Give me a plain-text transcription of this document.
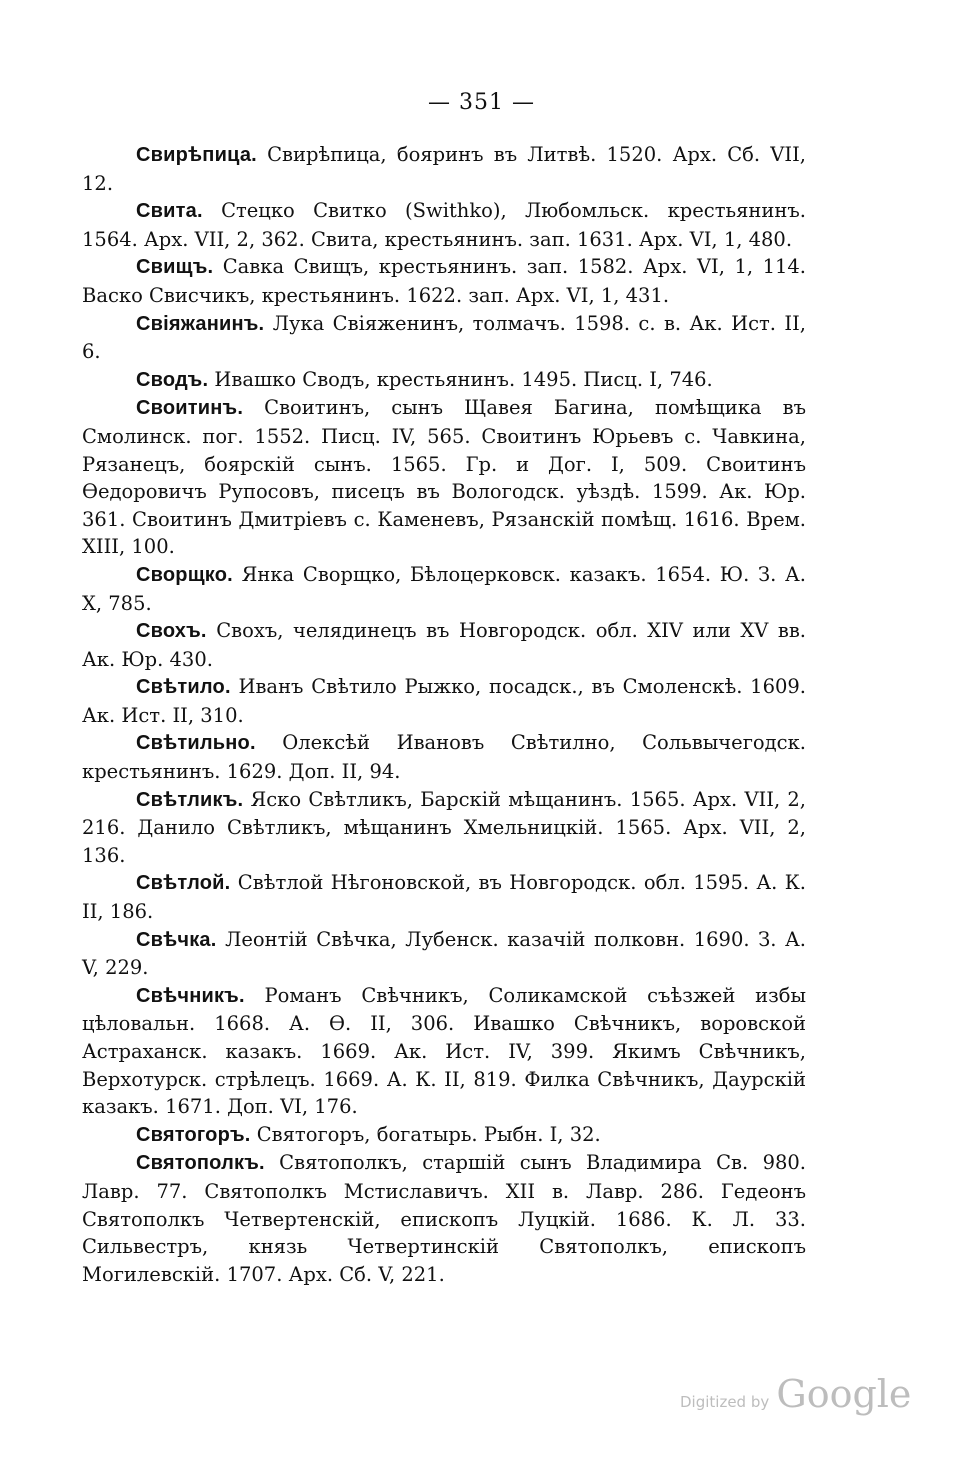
— 351 —

Свирѣпица. Свирѣпица, бояринъ въ Литвѣ. 1520. Арх. Сб. VII, 12.

Свита. Стецко Свитко (Swithko), Любомльск. крестьянинъ. 1564. Арх. VII, 2, 362. Свита, крестьянинъ. зап. 1631. Арх. VI, 1, 480.

Свищъ. Савка Свищъ, крестьянинъ. зап. 1582. Арх. VI, 1, 114. Васко Свисчикъ, крестьянинъ. 1622. зап. Арх. VI, 1, 431.

Свіяжанинъ. Лука Свіяженинъ, толмачъ. 1598. с. в. Ак. Ист. II, 6.

Сводъ. Ивашко Сводъ, крестьянинъ. 1495. Писц. I, 746.

Своитинъ. Своитинъ, сынъ Щавея Багина, помѣщика въ Смолинск. пог. 1552. Писц. IV, 565. Своитинъ Юрьевъ с. Чавкина, Рязанецъ, боярскій сынъ. 1565. Гр. и Дог. I, 509. Своитинъ Ѳедоровичъ Рупосовъ, писецъ въ Вологодск. уѣздѣ. 1599. Ак. Юр. 361. Своитинъ Дмитріевъ с. Каменевъ, Рязанскій помѣщ. 1616. Врем. XIII, 100.

Сворщко. Янка Сворщко, Бѣлоцерковск. казакъ. 1654. Ю. З. А. X, 785.

Свохъ. Свохъ, челядинецъ въ Новгородск. обл. XIV или XV вв. Ак. Юр. 430.

Свѣтило. Иванъ Свѣтило Рыжко, посадск., въ Смоленскѣ. 1609. Ак. Ист. II, 310.

Свѣтильно. Олексѣй Ивановъ Свѣтилно, Сольвычегодск. крестьянинъ. 1629. Доп. II, 94.

Свѣтликъ. Яско Свѣтликъ, Барскій мѣщанинъ. 1565. Арх. VII, 2, 216. Данило Свѣтликъ, мѣщанинъ Хмельницкій. 1565. Арх. VII, 2, 136.

Свѣтлой. Свѣтлой Нѣгоновской, въ Новгородск. обл. 1595. А. К. II, 186.

Свѣчка. Леонтій Свѣчка, Лубенск. казачій полковн. 1690. З. А. V, 229.

Свѣчникъ. Романъ Свѣчникъ, Соликамской съѣзжей избы цѣловальн. 1668. А. Ѳ. II, 306. Ивашко Свѣчникъ, воровской Астраханск. казакъ. 1669. Ак. Ист. IV, 399. Якимъ Свѣчникъ, Верхотурск. стрѣлецъ. 1669. А. К. II, 819. Филка Свѣчникъ, Даурскій казакъ. 1671. Доп. VI, 176.

Святогоръ. Святогоръ, богатырь. Рыбн. I, 32.

Святополкъ. Святополкъ, старшій сынъ Владимира Св. 980. Лавр. 77. Святополкъ Мстиславичъ. XII в. Лавр. 286. Гедеонъ Святополкъ Четвертенскій, епископъ Луцкій. 1686. К. Л. 33. Сильвестръ, князь Четвертинскій Святополкъ, епископъ Могилевскій. 1707. Арх. Сб. V, 221.

Digitized by Google
